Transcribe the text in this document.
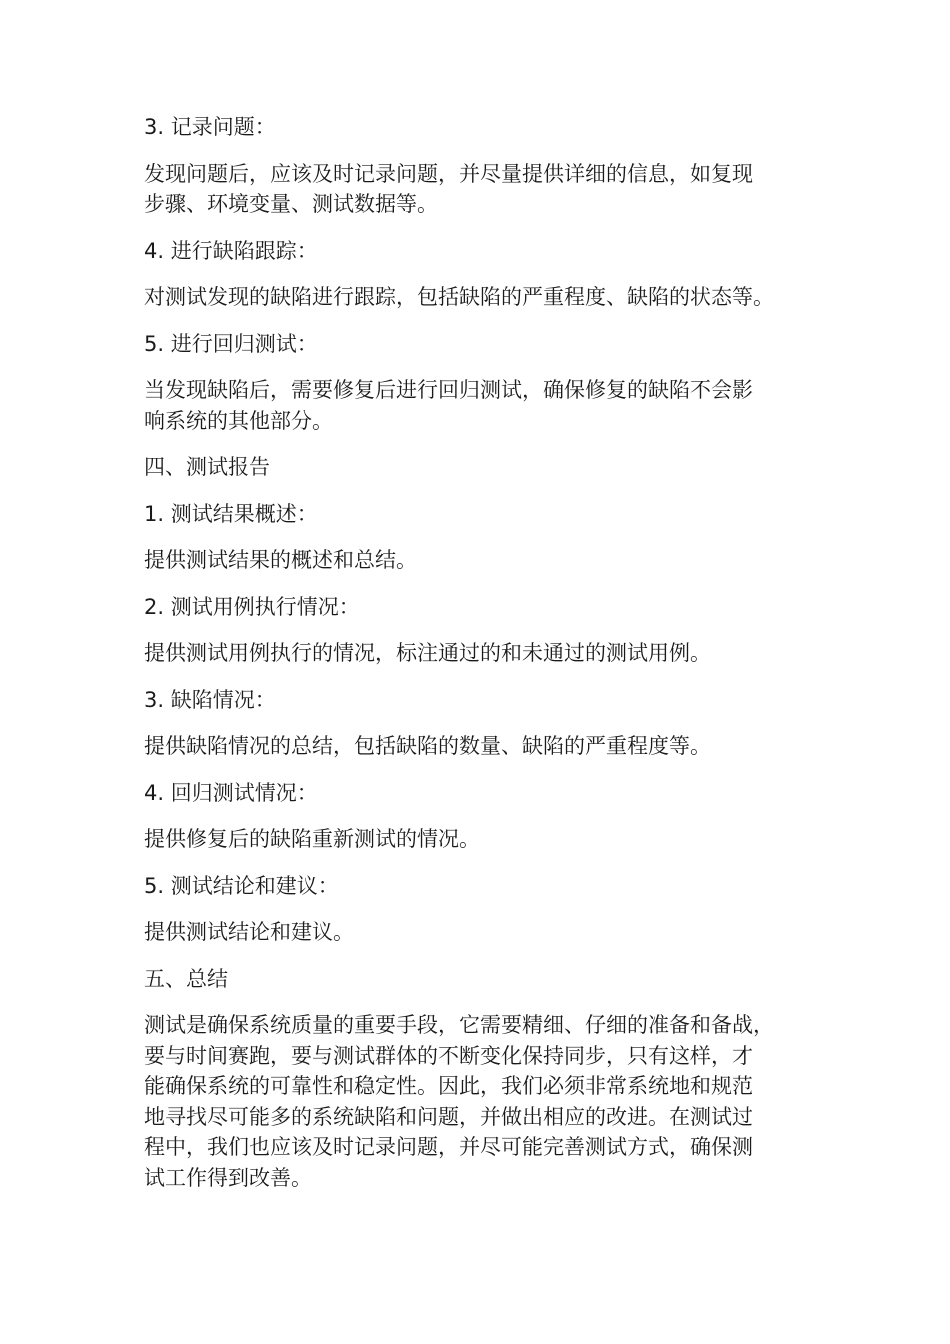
3. 记录问题：
发现问题后，应该及时记录问题，并尽量提供详细的信息，如复现
步骤、环境变量、测试数据等。
4. 进行缺陷跟踪：
对测试发现的缺陷进行跟踪，包括缺陷的严重程度、缺陷的状态等。
5. 进行回归测试：
当发现缺陷后，需要修复后进行回归测试，确保修复的缺陷不会影
响系统的其他部分。
四、测试报告
1. 测试结果概述：
提供测试结果的概述和总结。
2. 测试用例执行情况：
提供测试用例执行的情况，标注通过的和未通过的测试用例。
3. 缺陷情况：
提供缺陷情况的总结，包括缺陷的数量、缺陷的严重程度等。
4. 回归测试情况：
提供修复后的缺陷重新测试的情况。
5. 测试结论和建议：
提供测试结论和建议。
五、总结
测试是确保系统质量的重要手段，它需要精细、仔细的准备和备战，
要与时间赛跑，要与测试群体的不断变化保持同步，只有这样，才
能确保系统的可靠性和稳定性。因此，我们必须非常系统地和规范
地寻找尽可能多的系统缺陷和问题，并做出相应的改进。在测试过
程中，我们也应该及时记录问题，并尽可能完善测试方式，确保测
试工作得到改善。
